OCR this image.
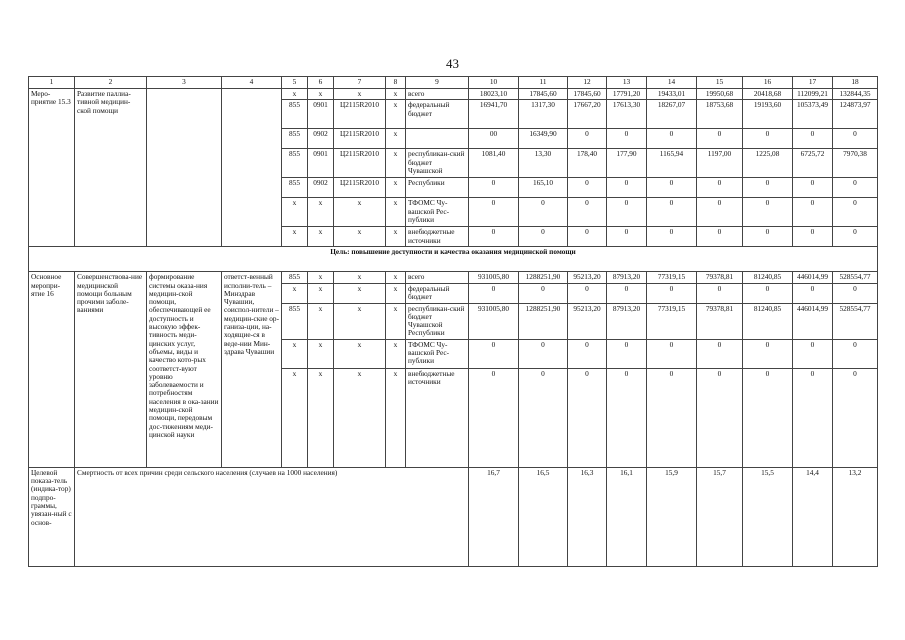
43
1	2	3	4	5	6	7	8	9	10	11	12	13	14	15	16	17	18
Меро-приятие 15.3	Развитие паллиа-тивной медицин-ской помощи			х	х	х	х	всего	18023,10	17845,60	17845,60	17791,20	19433,01	19950,68	20418,68	112099,21	132844,35
				855	0901	Ц2115R2010	х	федеральный бюджет	16941,70	1317,30	17667,20	17613,30	18267,07	18753,68	19193,60	105373,49	124873,97
				855	0902	Ц2115R2010	х		00	16349,90	0	0	0	0	0	0	0
				855	0901	Ц2115R2010	х	республикан-ский бюджет Чувашской	1081,40	13,30	178,40	177,90	1165,94	1197,00	1225,08	6725,72	7970,38
				855	0902	Ц2115R2010	х	Республики	0	165,10	0	0	0	0	0	0	0
				х	х	х	х	ТФОМС Чу-вашской Рес-публики	0	0	0	0	0	0	0	0	0
				х	х	х	х	внебюджетные источники	0	0	0	0	0	0	0	0	0
Цель: повышение доступности и качества оказания медицинской помощи																	
Основное меропри-ятие 16	Совершенствова-ние медицинской помощи больным прочими заболе-ваниями	формирование системы оказа-ния медицин-ской помощи, обеспечивающей ее доступность и высокую эффек-тивность меди-цинских услуг, объемы, виды и качество кото-рых соответст-вуют уровню заболеваемости и потребностям населения в ока-зании медицин-ской помощи, передовым дос-тижениям меди-цинской науки	ответст-венный исполни-тель – Минздрав Чувашии, соиспол-нители – медицин-ские ор-ганиза-ции, на-ходящие-ся в веде-нии Мин-здрава Чувашии	855	х	х	х	всего	931005,80	1288251,90	95213,20	87913,20	77319,15	79378,81	81240,85	446014,99	528554,77
				х	х	х	х	федеральный бюджет	0	0	0	0	0	0	0	0	0
				855	х	х	х	республикан-ский бюджет Чувашской Республики	931005,80	1288251,90	95213,20	87913,20	77319,15	79378,81	81240,85	446014,99	528554,77
				х	х	х	х	ТФОМС Чу-вашской Рес-публики	0	0	0	0	0	0	0	0	0
				х	х	х	х	внебюджетные источники	0	0	0	0	0	0	0	0	0
Целевой показа-тель (индика-тор) подпро-граммы, увязан-ный с основ-	Смертность от всех причин среди сельского населения (случаев на 1000 населения)								16,7	16,5	16,3	16,1	15,9	15,7	15,5	14,4	13,2
